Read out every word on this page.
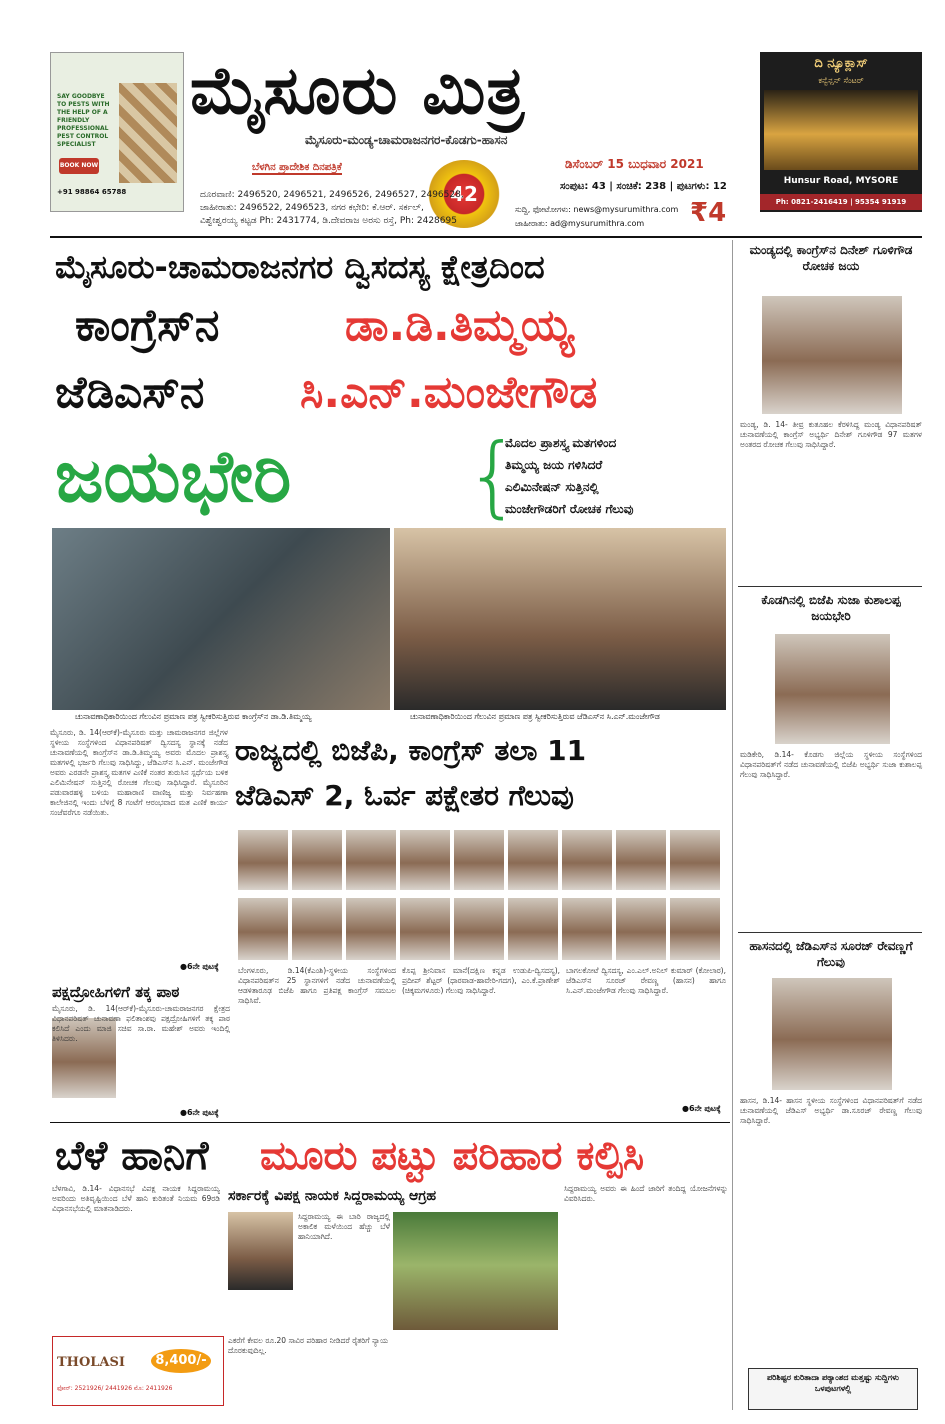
SAY GOODBYE TO PESTS WITH THE HELP OF A FRIENDLY PROFESSIONAL PEST CONTROL SPECIALIST
BOOK NOW
+91 98864 65788
ಮೈಸೂರು ಮಿತ್ರ
ಮೈಸೂರು-ಮಂಡ್ಯ-ಚಾಮರಾಜನಗರ-ಕೊಡಗು-ಹಾಸನ
ಬೆಳಗಿನ ಪ್ರಾದೇಶಿಕ ದಿನಪತ್ರಿಕೆ
42
ಡಿಸೆಂಬರ್ 15 ಬುಧವಾರ 2021
ಸಂಪುಟ: 43 | ಸಂಚಿಕೆ: 238 | ಪುಟಗಳು: 12
ದೂರವಾಣಿ: 2496520, 2496521, 2496526, 2496527, 2496528,
ಜಾಹೀರಾತು: 2496522, 2496523, ನಗರ ಕಛೇರಿ: ಕೆ.ಆರ್. ಸರ್ಕಲ್,
ವಿಶ್ವೇಶ್ವರಯ್ಯ ಕಟ್ಟಡ Ph: 2431774, ಡಿ.ದೇವರಾಜ ಅರಸು ರಸ್ತೆ, Ph: 2428695
ಸುದ್ದಿ, ಫೋಟೋಗಳು: news@mysurumithra.com
ಜಾಹೀರಾತು: ad@mysurumithra.com ₹4
ದಿ ನ್ಯೂಕ್ಲಾಸ್
ಕನ್ವೆನ್ಷನ್ ಸೆಂಟರ್
Hunsur Road, MYSORE
Ph: 0821-2416419 | 95354 91919
ಮೈಸೂರು-ಚಾಮರಾಜನಗರ ದ್ವಿಸದಸ್ಯ ಕ್ಷೇತ್ರದಿಂದ
ಕಾಂಗ್ರೆಸ್‌ನ	ಡಾ.ಡಿ.ತಿಮ್ಮಯ್ಯ
ಜೆಡಿಎಸ್‌ನ	ಸಿ.ಎನ್.ಮಂಜೇಗೌಡ
ಜಯಭೇರಿ	{
ಮೊದಲ ಪ್ರಾಶಸ್ತ್ಯ ಮತಗಳಿಂದ
ತಿಮ್ಮಯ್ಯ ಜಯ ಗಳಿಸಿದರೆ
ಎಲಿಮಿನೇಷನ್ ಸುತ್ತಿನಲ್ಲಿ
ಮಂಜೇಗೌಡರಿಗೆ ರೋಚಕ ಗೆಲುವು
ಚುನಾವಣಾಧಿಕಾರಿಯಿಂದ ಗೆಲುವಿನ ಪ್ರಮಾಣ ಪತ್ರ ಸ್ವೀಕರಿಸುತ್ತಿರುವ ಕಾಂಗ್ರೆಸ್‌ನ ಡಾ.ಡಿ.ತಿಮ್ಮಯ್ಯ	ಚುನಾವಣಾಧಿಕಾರಿಯಿಂದ ಗೆಲುವಿನ ಪ್ರಮಾಣ ಪತ್ರ ಸ್ವೀಕರಿಸುತ್ತಿರುವ ಜೆಡಿಎಸ್‌ನ ಸಿ.ಎನ್.ಮಂಜೇಗೌಡ
ಮೈಸೂರು, ಡಿ. 14(ಆರ್‌ಕೆ)-ಮೈಸೂರು ಮತ್ತು ಚಾಮರಾಜನಗರ ಜಿಲ್ಲೆಗಳ ಸ್ಥಳೀಯ ಸಂಸ್ಥೆಗಳಿಂದ ವಿಧಾನಪರಿಷತ್ ದ್ವಿಸದಸ್ಯ ಸ್ಥಾನಕ್ಕೆ ನಡೆದ ಚುನಾವಣೆಯಲ್ಲಿ ಕಾಂಗ್ರೆಸ್‌ನ ಡಾ.ಡಿ.ತಿಮ್ಮಯ್ಯ ಅವರು ಮೊದಲ ಪ್ರಾಶಸ್ತ್ಯ ಮತಗಳಲ್ಲಿ ಭರ್ಜರಿ ಗೆಲುವು ಸಾಧಿಸಿದ್ದು, ಜೆಡಿಎಸ್‌ನ ಸಿ.ಎನ್. ಮಂಜೇಗೌಡ ಅವರು ಎರಡನೇ ಪ್ರಾಶಸ್ತ್ಯ ಮತಗಳ ಎಣಿಕೆ ನಂತರ ತುರುಸಿನ ಸ್ಪರ್ಧೆಯ ಬಳಿಕ ಎಲಿಮಿನೇಷನ್ ಸುತ್ತಿನಲ್ಲಿ ರೋಚಕ ಗೆಲುವು ಸಾಧಿಸಿದ್ದಾರೆ. ಮೈಸೂರಿನ ಪಡುವಾರಹಳ್ಳಿ ಬಳಿಯ ಮಹಾರಾಣಿ ವಾಣಿಜ್ಯ ಮತ್ತು ನಿರ್ವಹಣಾ ಕಾಲೇಜಿನಲ್ಲಿ ಇಂದು ಬೆಳಿಗ್ಗೆ 8 ಗಂಟೆಗೆ ಆರಂಭವಾದ ಮತ ಎಣಿಕೆ ಕಾರ್ಯ ಸಂಜೆವರೆಗೂ ನಡೆಯಿತು.
●6ನೇ ಪುಟಕ್ಕೆ
ರಾಜ್ಯದಲ್ಲಿ ಬಿಜೆಪಿ, ಕಾಂಗ್ರೆಸ್ ತಲಾ 11
ಜೆಡಿಎಸ್ 2, ಓರ್ವ ಪಕ್ಷೇತರ ಗೆಲುವು
ಬೆಂಗಳೂರು, ಡಿ.14(ಕೆಎಂಶಿ)-ಸ್ಥಳೀಯ ಸಂಸ್ಥೆಗಳಿಂದ ವಿಧಾನಪರಿಷತ್‌ನ 25 ಸ್ಥಾನಗಳಿಗೆ ನಡೆದ ಚುನಾವಣೆಯಲ್ಲಿ ಆಡಳಿತಾರೂಢ ಬಿಜೆಪಿ ಹಾಗೂ ಪ್ರತಿಪಕ್ಷ ಕಾಂಗ್ರೆಸ್ ಸಮಬಲ ಸಾಧಿಸಿವೆ.
ಕೊಪ್ಪ ಶ್ರೀನಿವಾಸ ಮಾನೆ(ದಕ್ಷಿಣ ಕನ್ನಡ ಉಡುಪಿ-ದ್ವಿಸದಸ್ಯ), ಪ್ರದೀಪ್ ಶೆಟ್ಟರ್ (ಧಾರವಾಡ-ಹಾವೇರಿ-ಗದಗ), ಎಂ.ಕೆ.ಪ್ರಾಣೇಶ್ (ಚಿಕ್ಕಮಗಳೂರು) ಗೆಲುವು ಸಾಧಿಸಿದ್ದಾರೆ.
ಬಾಗಲಕೋಟೆ ದ್ವಿಸದಸ್ಯ, ಎಂ.ಎಲ್.ಅನಿಲ್ ಕುಮಾರ್ (ಕೋಲಾರ), ಜೆಡಿಎಸ್‌ನ ಸೂರಜ್ ರೇವಣ್ಣ (ಹಾಸನ) ಹಾಗೂ ಸಿ.ಎನ್.ಮಂಜೇಗೌಡ ಗೆಲುವು ಸಾಧಿಸಿದ್ದಾರೆ.
●6ನೇ ಪುಟಕ್ಕೆ
ಪಕ್ಷದ್ರೋಹಿಗಳಿಗೆ ತಕ್ಕ ಪಾಠ
ಮೈಸೂರು, ಡಿ. 14(ಆರ್‌ಕೆ)-ಮೈಸೂರು-ಚಾಮರಾಜನಗರ ಕ್ಷೇತ್ರದ ವಿಧಾನಪರಿಷತ್ ಚುನಾವಣಾ ಫಲಿತಾಂಶವು ಪಕ್ಷದ್ರೋಹಿಗಳಿಗೆ ತಕ್ಕ ಪಾಠ ಕಲಿಸಿದೆ ಎಂದು ಮಾಜಿ ಸಚಿವ ಸಾ.ರಾ. ಮಹೇಶ್ ಅವರು ಇಂದಿಲ್ಲಿ ತಿಳಿಸಿದರು.
●6ನೇ ಪುಟಕ್ಕೆ
ಬೆಳೆ ಹಾನಿಗೆ	ಮೂರು ಪಟ್ಟು ಪರಿಹಾರ ಕಲ್ಪಿಸಿ
ಬೆಳಗಾವಿ, ಡಿ.14- ವಿಧಾನಸಭೆ ವಿಪಕ್ಷ ನಾಯಕ ಸಿದ್ದರಾಮಯ್ಯ ಅವರಿಂದು ಅತಿವೃಷ್ಟಿಯಿಂದ ಬೆಳೆ ಹಾನಿ ಕುರಿತಂತೆ ನಿಯಮ 69ರಡಿ ವಿಧಾನಸಭೆಯಲ್ಲಿ ಮಾತನಾಡಿದರು.
THOLASI	8,400/-
ಫೋನ್: 2521926/ 2441926 ಮೊ: 2411926
ಸರ್ಕಾರಕ್ಕೆ ವಿಪಕ್ಷ ನಾಯಕ ಸಿದ್ದರಾಮಯ್ಯ ಆಗ್ರಹ
ಸಿದ್ದರಾಮಯ್ಯ ಈ ಬಾರಿ ರಾಜ್ಯದಲ್ಲಿ ಅಕಾಲಿಕ ಮಳೆಯಿಂದ ಹೆಚ್ಚು ಬೆಳೆ ಹಾನಿಯಾಗಿದೆ.
ಎಕರೆಗೆ ಕೇವಲ ರೂ.20 ಸಾವಿರ ಪರಿಹಾರ ನೀಡಿದರೆ ರೈತರಿಗೆ ನ್ಯಾಯ ದೊರಕುವುದಿಲ್ಲ.
ಸಿದ್ದರಾಮಯ್ಯ ಅವರು ಈ ಹಿಂದೆ ಜಾರಿಗೆ ತಂದಿದ್ದ ಯೋಜನೆಗಳನ್ನು ವಿವರಿಸಿದರು.
ಮಂಡ್ಯದಲ್ಲಿ ಕಾಂಗ್ರೆಸ್‌ನ ದಿನೇಶ್ ಗೂಳಿಗೌಡ ರೋಚಕ ಜಯ
ಮಂಡ್ಯ, ಡಿ. 14- ತೀವ್ರ ಕುತೂಹಲ ಕೆರಳಿಸಿದ್ದ ಮಂಡ್ಯ ವಿಧಾನಪರಿಷತ್ ಚುನಾವಣೆಯಲ್ಲಿ ಕಾಂಗ್ರೆಸ್ ಅಭ್ಯರ್ಥಿ ದಿನೇಶ್ ಗೂಳಿಗೌಡ 97 ಮತಗಳ ಅಂತರದ ರೋಚಕ ಗೆಲುವು ಸಾಧಿಸಿದ್ದಾರೆ.
ಕೊಡಗಿನಲ್ಲಿ ಬಿಜೆಪಿ ಸುಜಾ ಕುಶಾಲಪ್ಪ ಜಯಭೇರಿ
ಮಡಿಕೇರಿ, ಡಿ.14- ಕೊಡಗು ಜಿಲ್ಲೆಯ ಸ್ಥಳೀಯ ಸಂಸ್ಥೆಗಳಿಂದ ವಿಧಾನಪರಿಷತ್‌ಗೆ ನಡೆದ ಚುನಾವಣೆಯಲ್ಲಿ ಬಿಜೆಪಿ ಅಭ್ಯರ್ಥಿ ಸುಜಾ ಕುಶಾಲಪ್ಪ ಗೆಲುವು ಸಾಧಿಸಿದ್ದಾರೆ.
ಹಾಸನದಲ್ಲಿ ಜೆಡಿಎಸ್‌ನ ಸೂರಜ್ ರೇವಣ್ಣಗೆ ಗೆಲುವು
ಹಾಸನ, ಡಿ.14- ಹಾಸನ ಸ್ಥಳೀಯ ಸಂಸ್ಥೆಗಳಿಂದ ವಿಧಾನಪರಿಷತ್‌ಗೆ ನಡೆದ ಚುನಾವಣೆಯಲ್ಲಿ ಜೆಡಿಎಸ್ ಅಭ್ಯರ್ಥಿ ಡಾ.ಸೂರಜ್ ರೇವಣ್ಣ ಗೆಲುವು ಸಾಧಿಸಿದ್ದಾರೆ.
ಪರಿಶಿಷ್ಟರ ಕುರಿತಾದಾ ಪಠ್ಯಾಂಶದ ಮತ್ತಷ್ಟು ಸುದ್ದಿಗಳು ಒಳಪುಟಗಳಲ್ಲಿ
